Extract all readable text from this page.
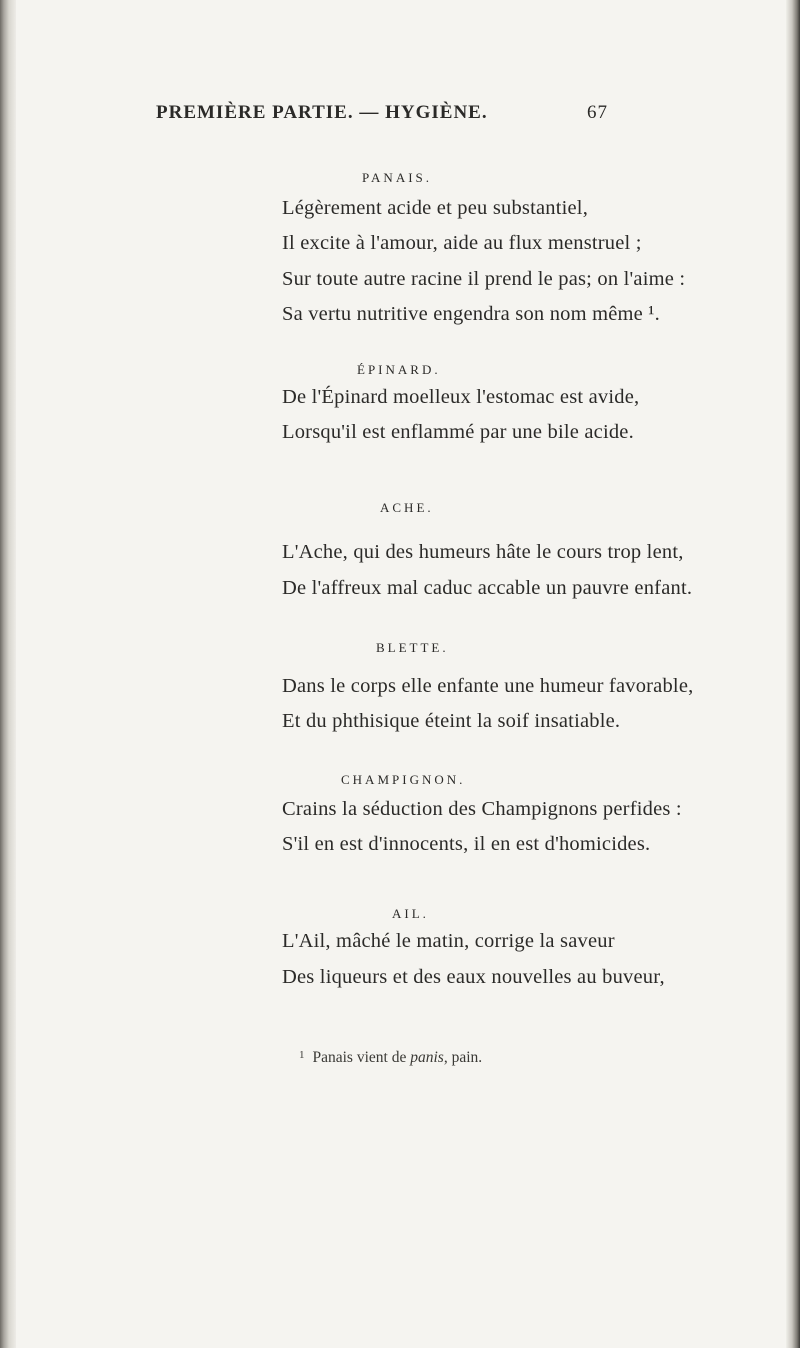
PREMIÈRE PARTIE. — HYGIÈNE.	67
PANAIS.
Légèrement acide et peu substantiel,
Il excite à l'amour, aide au flux menstruel ;
Sur toute autre racine il prend le pas; on l'aime :
Sa vertu nutritive engendra son nom même ¹.
ÉPINARD.
De l'Épinard moelleux l'estomac est avide,
Lorsqu'il est enflammé par une bile acide.
ACHE.
L'Ache, qui des humeurs hâte le cours trop lent,
De l'affreux mal caduc accable un pauvre enfant.
BLETTE.
Dans le corps elle enfante une humeur favorable,
Et du phthisique éteint la soif insatiable.
CHAMPIGNON.
Crains la séduction des Champignons perfides :
S'il en est d'innocents, il en est d'homicides.
AIL.
L'Ail, mâché le matin, corrige la saveur
Des liqueurs et des eaux nouvelles au buveur,
$^1$ Panais vient de panis, pain.
